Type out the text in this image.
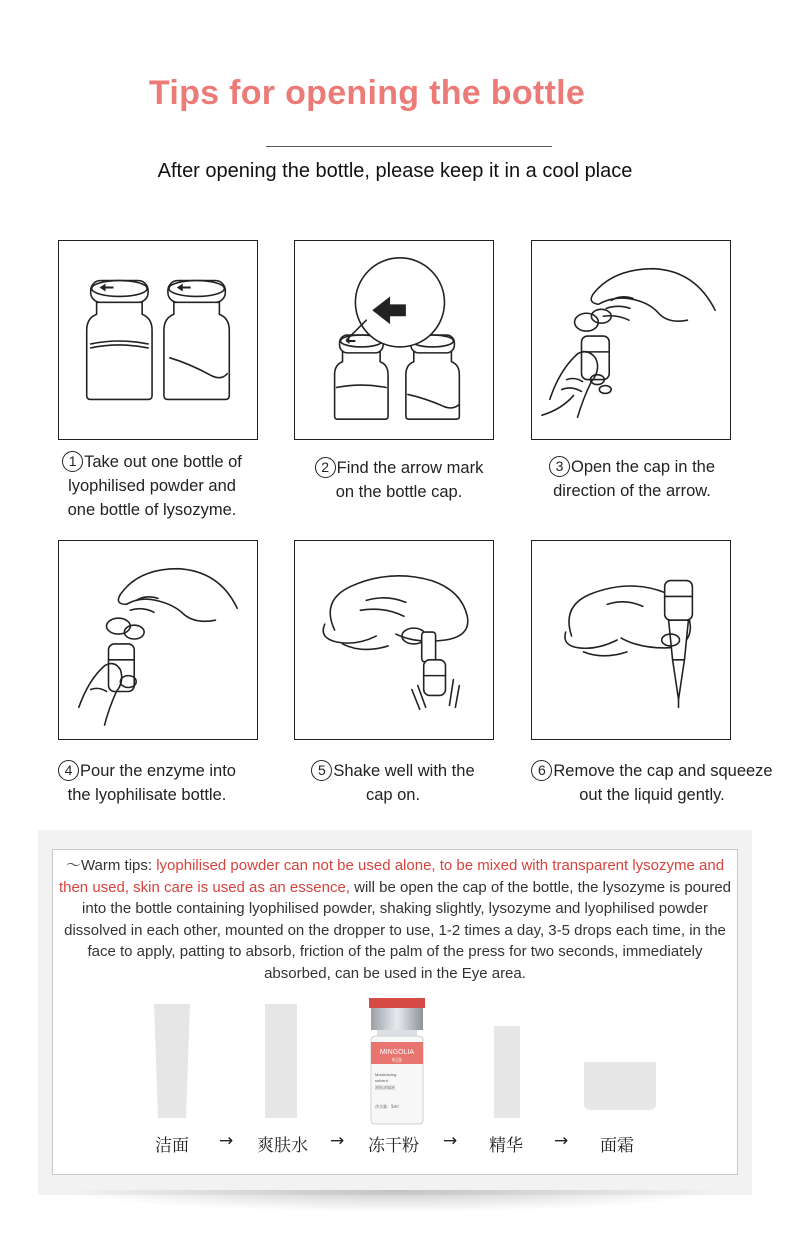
Tips for opening the bottle
After opening the bottle, please keep it in a cool place
1 Take out one bottle of
lyophilised powder and
one bottle of lysozyme.
2 Find the arrow mark
on the bottle cap.
3 Open the cap in the
direction of the arrow.
4 Pour the enzyme into
the lyophilisate bottle.
5 Shake well with the
cap on.
6 Remove the cap and squeeze
out the liquid gently.
〜Warm tips: lyophilised powder can not be used alone, to be mixed with transparent lysozyme and then used, skin care is used as an essence, will be open the cap of the bottle, the lysozyme is poured into the bottle containing lyophilised powder, shaking slightly, lysozyme and lyophilised powder dissolved in each other, mounted on the dropper to use, 1-2 times a day, 3-5 drops each time, in the face to apply, patting to absorb, friction of the palm of the press for two seconds, immediately absorbed, can be used in the Eye area.
MINGOLIA
明洛
Moisturizing
solvent
润肤溶媒液
净含量：5ml
洁面 → 爽肤水 → 冻干粉 → 精华 → 面霜
